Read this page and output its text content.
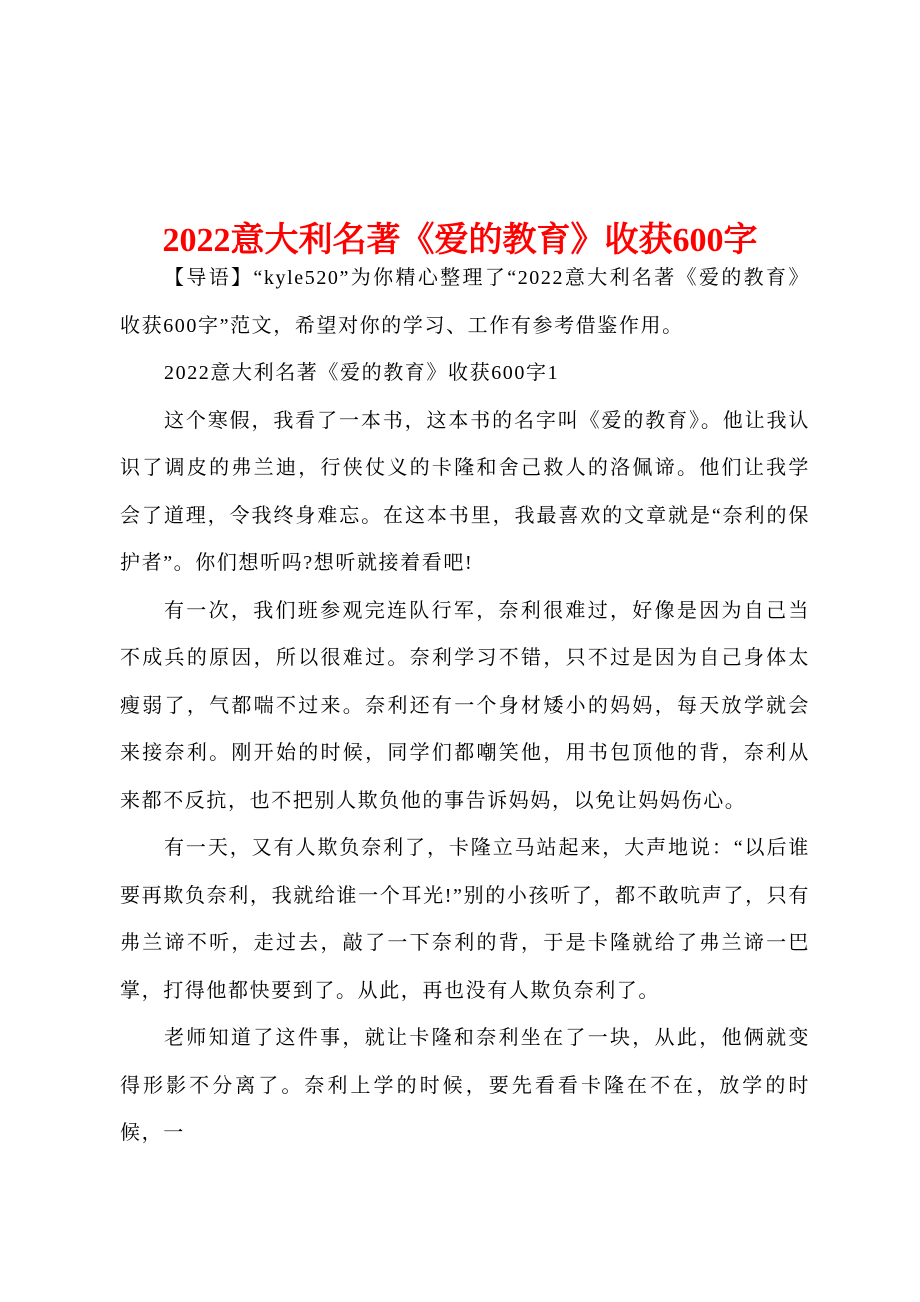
2022意大利名著《爱的教育》收获600字

【导语】“kyle520”为你精心整理了“2022意大利名著《爱的教育》收获600字”范文，希望对你的学习、工作有参考借鉴作用。

2022意大利名著《爱的教育》收获600字1

这个寒假，我看了一本书，这本书的名字叫《爱的教育》。他让我认识了调皮的弗兰迪，行侠仗义的卡隆和舍己救人的洛佩谛。他们让我学会了道理，令我终身难忘。在这本书里，我最喜欢的文章就是“奈利的保护者”。你们想听吗?想听就接着看吧!

有一次，我们班参观完连队行军，奈利很难过，好像是因为自己当不成兵的原因，所以很难过。奈利学习不错，只不过是因为自己身体太瘦弱了，气都喘不过来。奈利还有一个身材矮小的妈妈，每天放学就会来接奈利。刚开始的时候，同学们都嘲笑他，用书包顶他的背，奈利从来都不反抗，也不把别人欺负他的事告诉妈妈，以免让妈妈伤心。

有一天，又有人欺负奈利了，卡隆立马站起来，大声地说：“以后谁要再欺负奈利，我就给谁一个耳光!”别的小孩听了，都不敢吭声了，只有弗兰谛不听，走过去，敲了一下奈利的背，于是卡隆就给了弗兰谛一巴掌，打得他都快要到了。从此，再也没有人欺负奈利了。

老师知道了这件事，就让卡隆和奈利坐在了一块，从此，他俩就变得形影不分离了。奈利上学的时候，要先看看卡隆在不在，放学的时候，一
